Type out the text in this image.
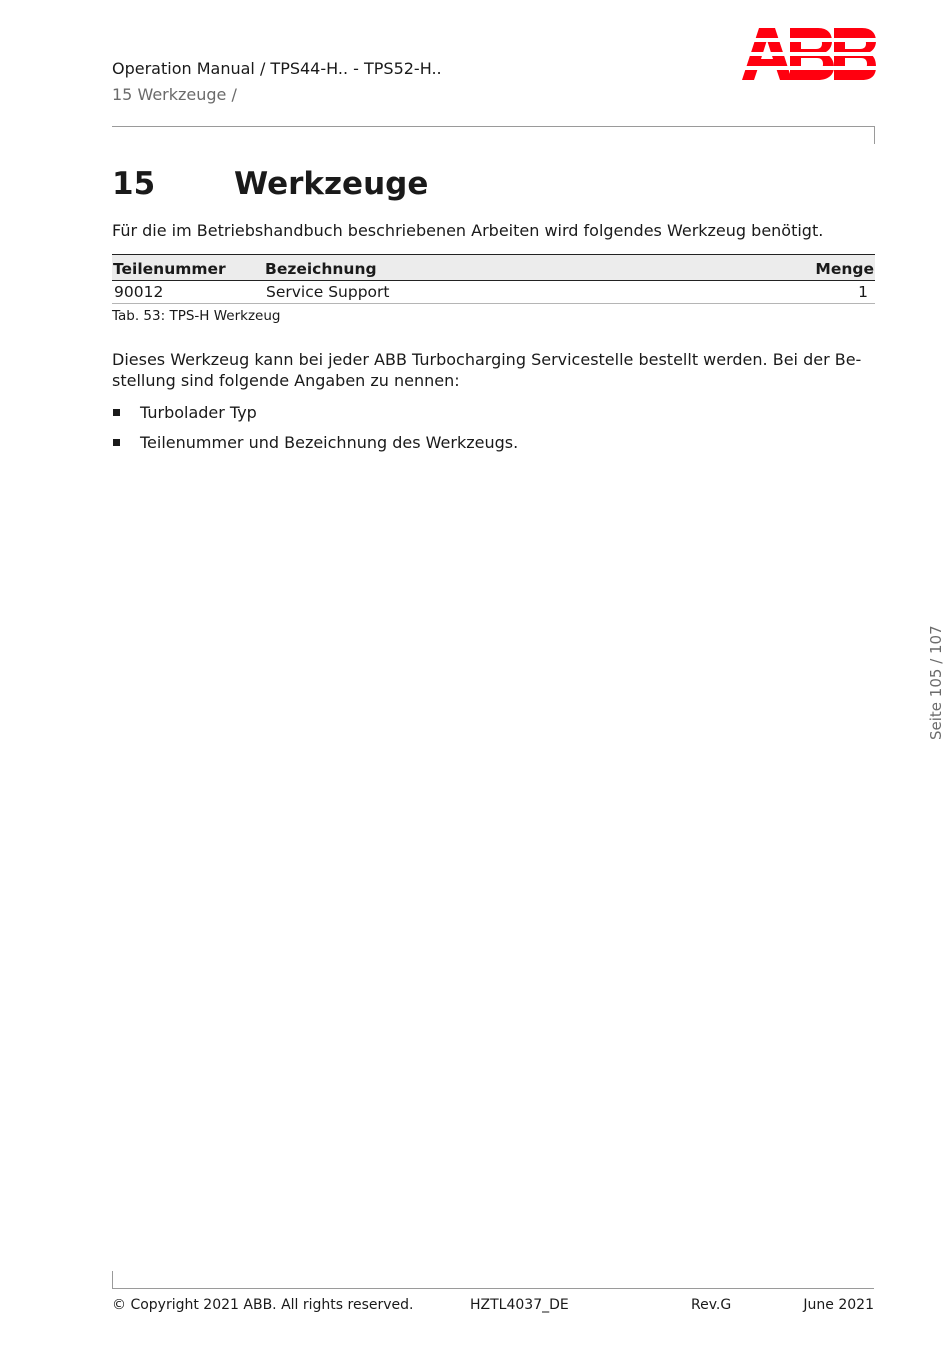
Operation Manual / TPS44-H.. - TPS52-H..
15 Werkzeuge /
15	Werkzeuge
Für die im Betriebshandbuch beschriebenen Arbeiten wird folgendes Werkzeug benötigt.
Teilenummer	Bezeichnung	Menge
90012	Service Support	1
Tab. 53: TPS-H Werkzeug
Dieses Werkzeug kann bei jeder ABB Turbocharging Servicestelle bestellt werden. Bei der Be-
stellung sind folgende Angaben zu nennen:
Turbolader Typ
Teilenummer und Bezeichnung des Werkzeugs.
Seite 105 / 107
© Copyright 2021 ABB. All rights reserved.	HZTL4037_DE	Rev.G	June 2021
